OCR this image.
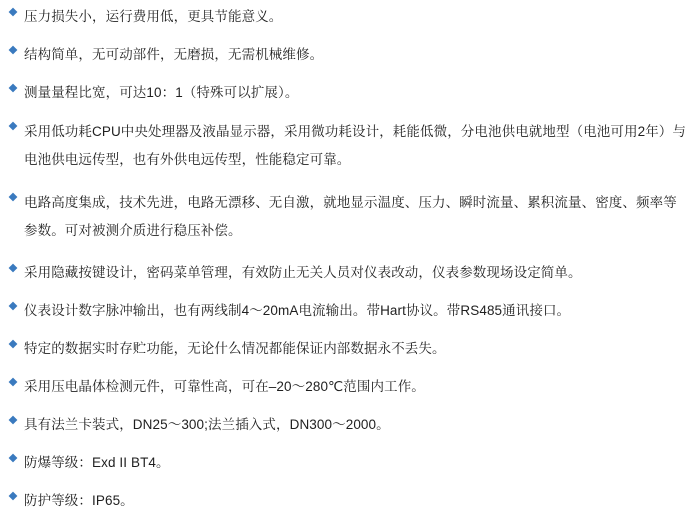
压力损失小，运行费用低，更具节能意义。
结构简单，无可动部件，无磨损，无需机械维修。
测量量程比宽，可达10：1（特殊可以扩展）。
采用低功耗CPU中央处理器及液晶显示器，采用微功耗设计，耗能低微，分电池供电就地型（电池可用2年）与电池供电远传型，也有外供电远传型，性能稳定可靠。
电路高度集成，技术先进，电路无漂移、无自激，就地显示温度、压力、瞬时流量、累积流量、密度、频率等参数。可对被测介质进行稳压补偿。
采用隐藏按键设计，密码菜单管理，有效防止无关人员对仪表改动，仪表参数现场设定简单。
仪表设计数字脉冲输出，也有两线制4～20mA电流输出。带Hart协议。带RS485通讯接口。
特定的数据实时存贮功能，无论什么情况都能保证内部数据永不丢失。
采用压电晶体检测元件，可靠性高，可在–20～280℃范围内工作。
具有法兰卡装式，DN25～300;法兰插入式，DN300～2000。
防爆等级：Exd II BT4。
防护等级：IP65。
